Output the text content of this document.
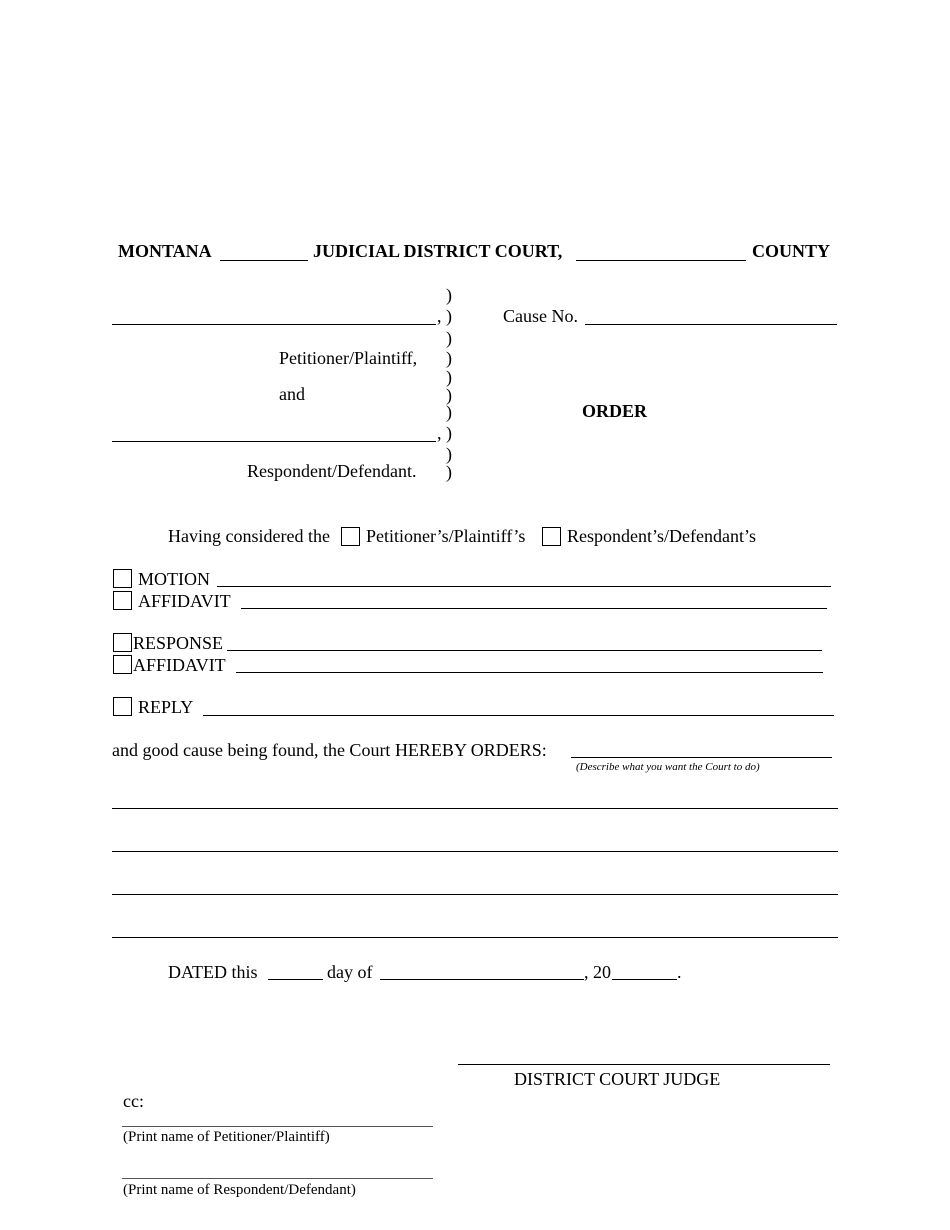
MONTANA	JUDICIAL DISTRICT COURT,	COUNTY
,
Petitioner/Plaintiff,
and
,
Respondent/Defendant.
)
)
)
)
)
)
)
)
)
)
Cause No.
ORDER
Having considered the Petitioner’s/Plaintiff’s Respondent’s/Defendant’s
MOTION
AFFIDAVIT
RESPONSE
AFFIDAVIT
REPLY
and good cause being found, the Court HEREBY ORDERS:
(Describe what you want the Court to do)
DATED this	day of	, 20	.
DISTRICT COURT JUDGE
cc:
(Print name of Petitioner/Plaintiff)
(Print name of Respondent/Defendant)
